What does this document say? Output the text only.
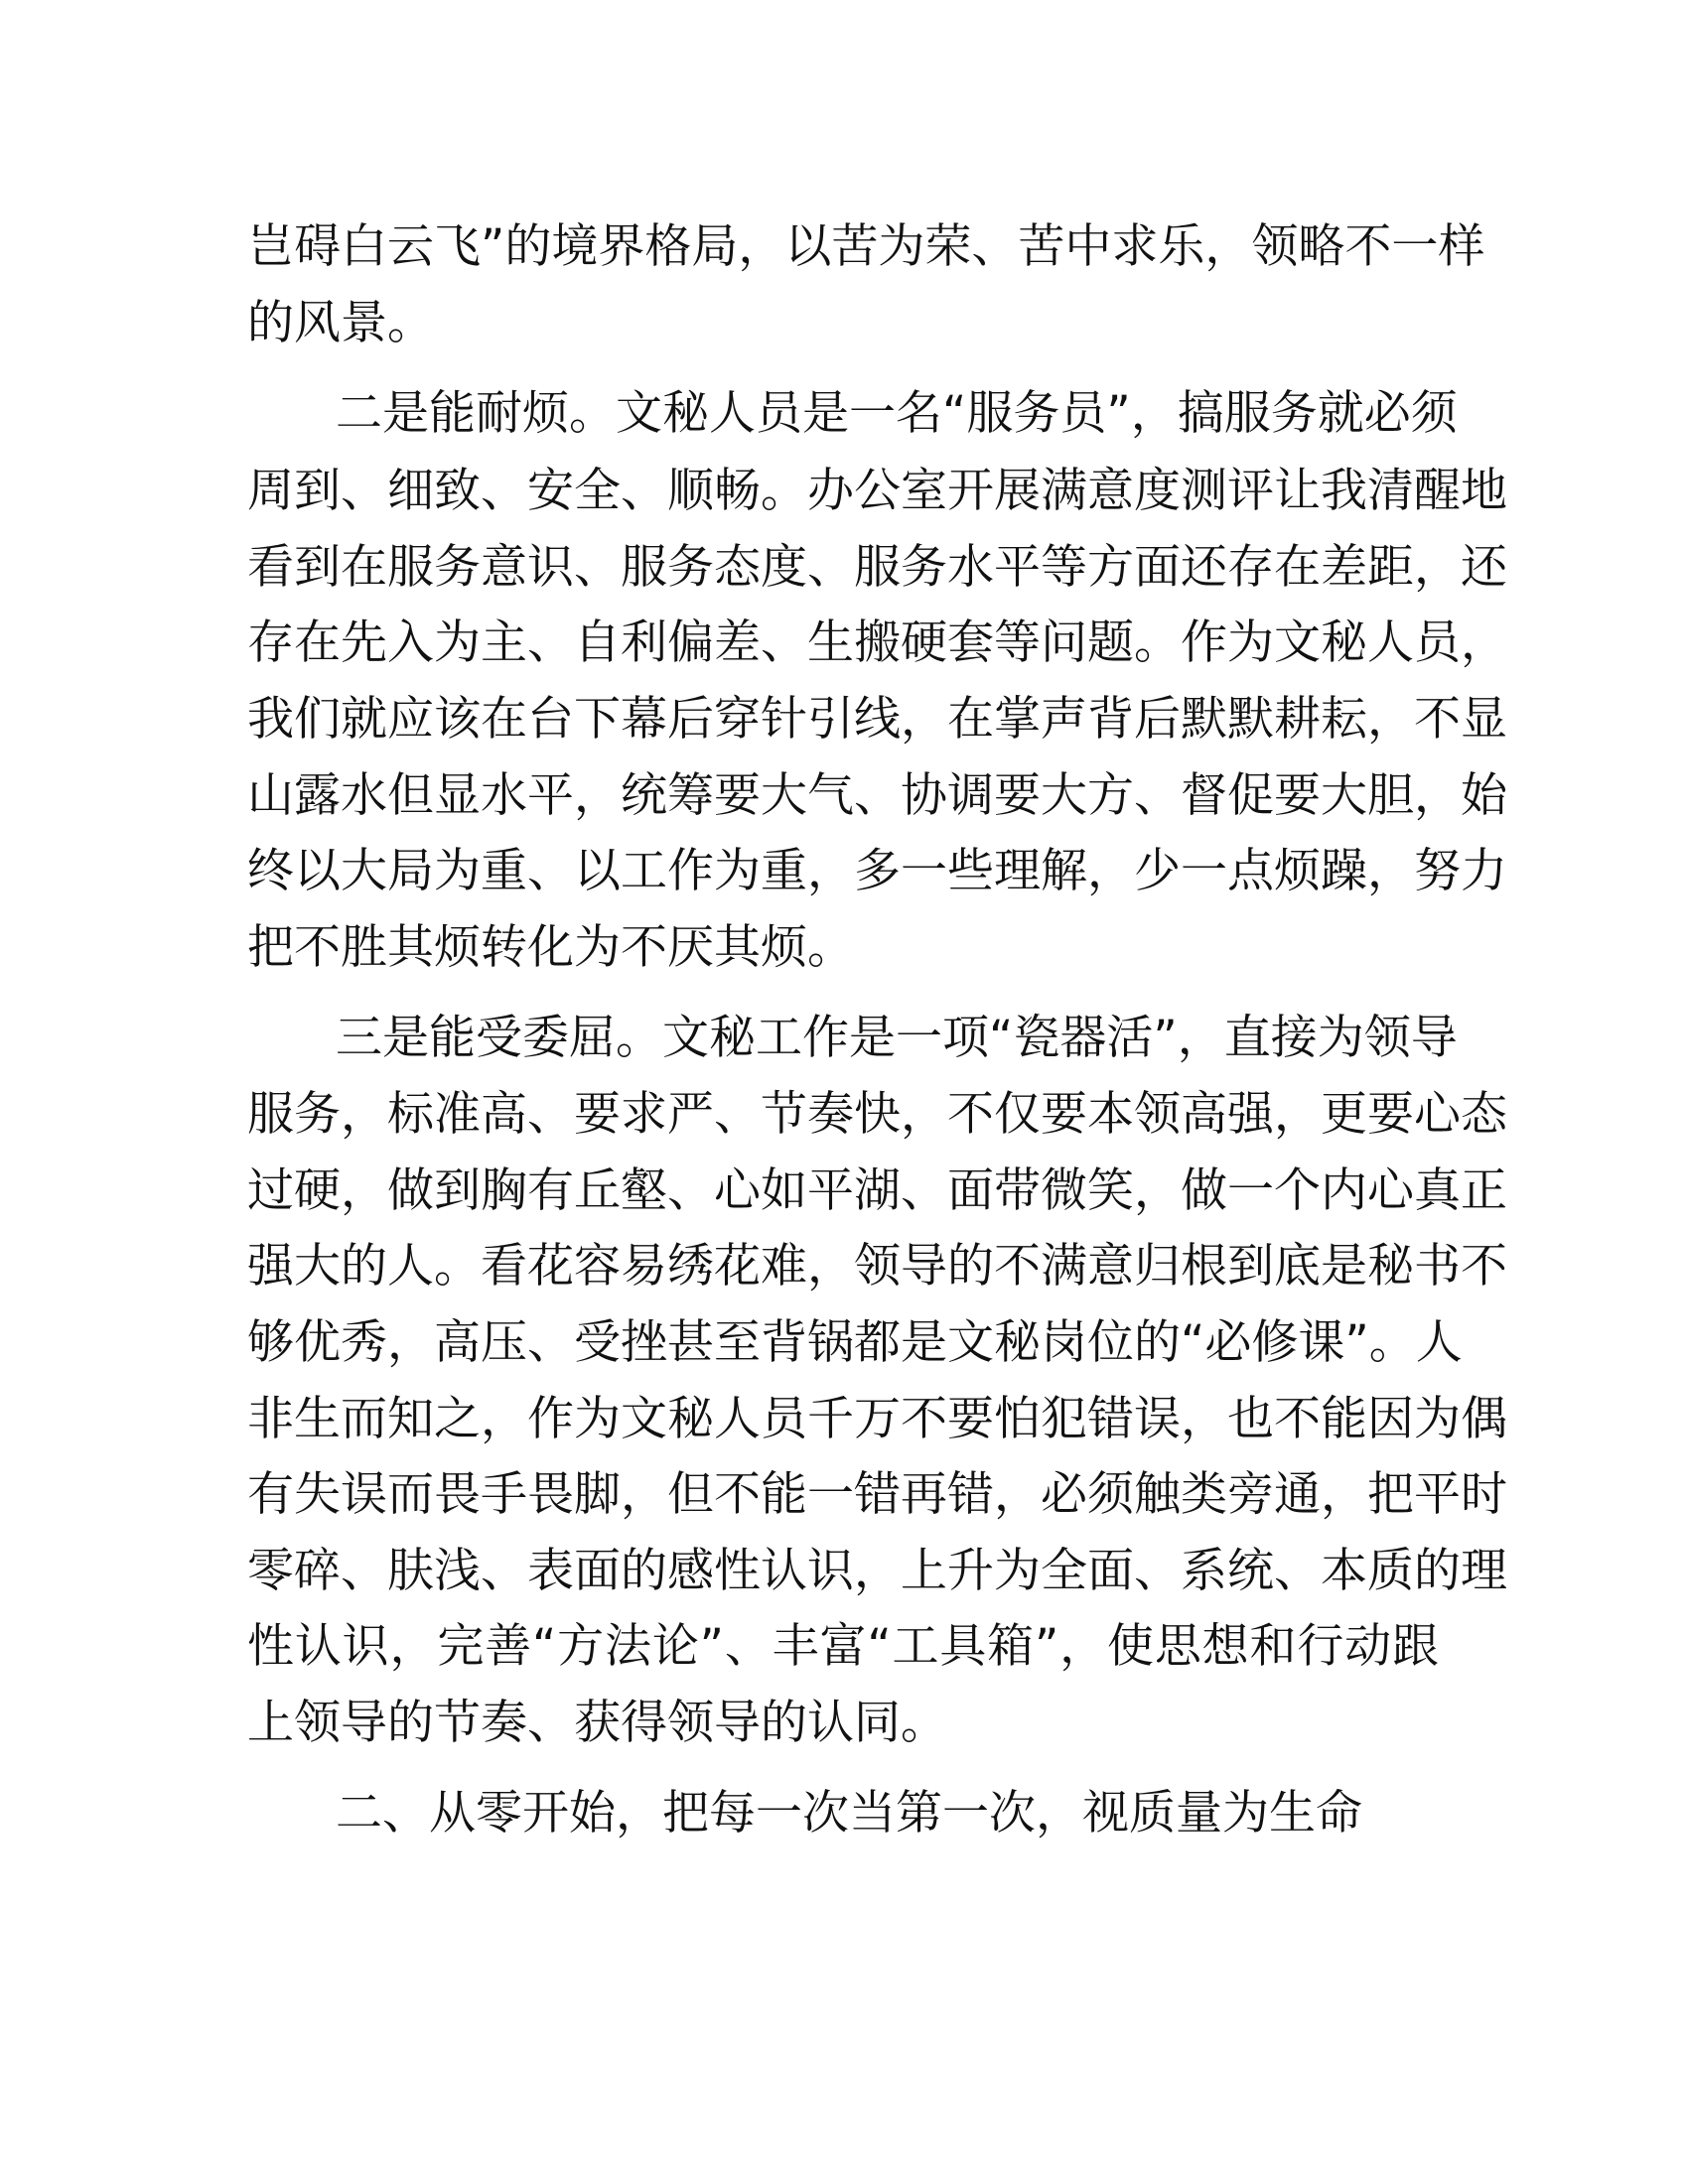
岂碍白云飞”的境界格局，以苦为荣、苦中求乐，领略不一样
的风景。
二是能耐烦。文秘人员是一名“服务员”，搞服务就必须
周到、细致、安全、顺畅。办公室开展满意度测评让我清醒地
看到在服务意识、服务态度、服务水平等方面还存在差距，还
存在先入为主、自利偏差、生搬硬套等问题。作为文秘人员，
我们就应该在台下幕后穿针引线，在掌声背后默默耕耘，不显
山露水但显水平，统筹要大气、协调要大方、督促要大胆，始
终以大局为重、以工作为重，多一些理解，少一点烦躁，努力
把不胜其烦转化为不厌其烦。
三是能受委屈。文秘工作是一项“瓷器活”，直接为领导
服务，标准高、要求严、节奏快，不仅要本领高强，更要心态
过硬，做到胸有丘壑、心如平湖、面带微笑，做一个内心真正
强大的人。看花容易绣花难，领导的不满意归根到底是秘书不
够优秀，高压、受挫甚至背锅都是文秘岗位的“必修课”。人
非生而知之，作为文秘人员千万不要怕犯错误，也不能因为偶
有失误而畏手畏脚，但不能一错再错，必须触类旁通，把平时
零碎、肤浅、表面的感性认识，上升为全面、系统、本质的理
性认识，完善“方法论”、丰富“工具箱”，使思想和行动跟
上领导的节奏、获得领导的认同。
二、从零开始，把每一次当第一次，视质量为生命
